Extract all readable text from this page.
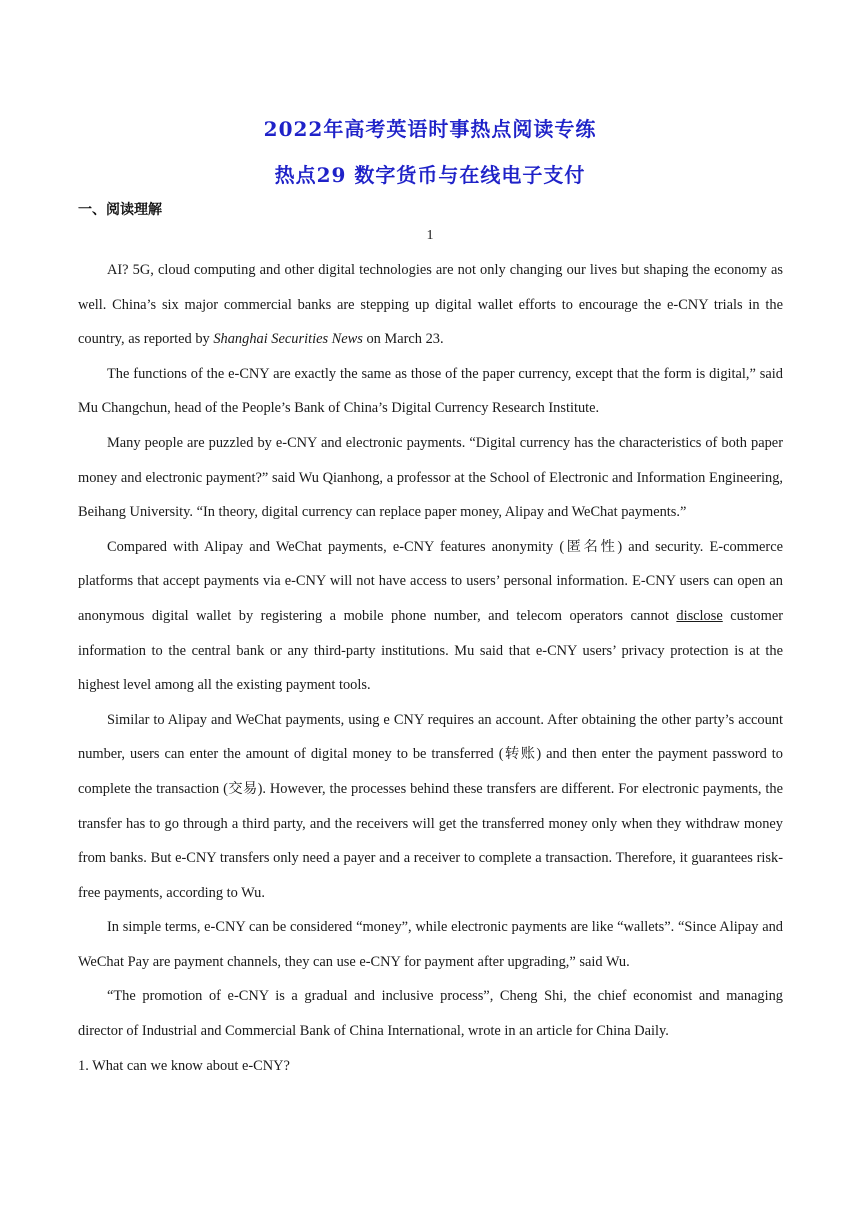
2022年高考英语时事热点阅读专练
热点29 数字货币与在线电子支付
一、阅读理解
1

AI? 5G, cloud computing and other digital technologies are not only changing our lives but shaping the economy as well. China’s six major commercial banks are stepping up digital wallet efforts to encourage the e-CNY trials in the country, as reported by Shanghai Securities News on March 23.

The functions of the e-CNY are exactly the same as those of the paper currency, except that the form is digital,” said Mu Changchun, head of the People’s Bank of China’s Digital Currency Research Institute.

Many people are puzzled by e-CNY and electronic payments. “Digital currency has the characteristics of both paper money and electronic payment?” said Wu Qianhong, a professor at the School of Electronic and Information Engineering, Beihang University. “In theory, digital currency can replace paper money, Alipay and WeChat payments.”

Compared with Alipay and WeChat payments, e-CNY features anonymity (匿名性) and security. E-commerce platforms that accept payments via e-CNY will not have access to users’ personal information. E-CNY users can open an anonymous digital wallet by registering a mobile phone number, and telecom operators cannot disclose customer information to the central bank or any third-party institutions. Mu said that e-CNY users’ privacy protection is at the highest level among all the existing payment tools.

Similar to Alipay and WeChat payments, using e CNY requires an account. After obtaining the other party’s account number, users can enter the amount of digital money to be transferred (转账) and then enter the payment password to complete the transaction (交易). However, the processes behind these transfers are different. For electronic payments, the transfer has to go through a third party, and the receivers will get the transferred money only when they withdraw money from banks. But e-CNY transfers only need a payer and a receiver to complete a transaction. Therefore, it guarantees risk-free payments, according to Wu.

In simple terms, e-CNY can be considered “money”, while electronic payments are like “wallets”. “Since Alipay and WeChat Pay are payment channels, they can use e-CNY for payment after upgrading,” said Wu.

“The promotion of e-CNY is a gradual and inclusive process”, Cheng Shi, the chief economist and managing director of Industrial and Commercial Bank of China International, wrote in an article for China Daily.

1. What can we know about e-CNY?
